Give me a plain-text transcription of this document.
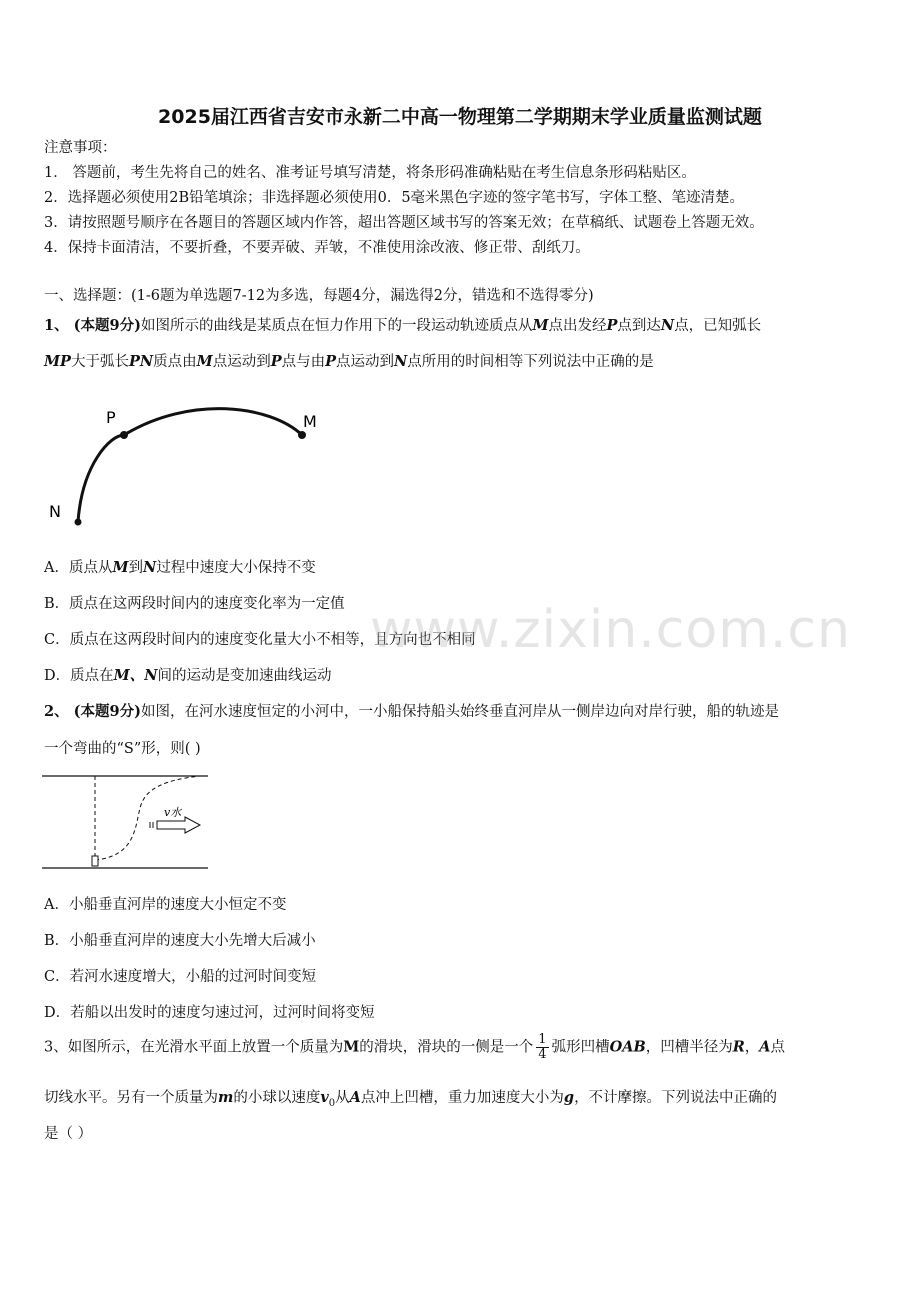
2025届江西省吉安市永新二中高一物理第二学期期末学业质量监测试题
注意事项：
1． 答题前，考生先将自己的姓名、准考证号填写清楚，将条形码准确粘贴在考生信息条形码粘贴区。
2．选择题必须使用2B铅笔填涂；非选择题必须使用0．5毫米黑色字迹的签字笔书写，字体工整、笔迹清楚。
3．请按照题号顺序在各题目的答题区域内作答，超出答题区域书写的答案无效；在草稿纸、试题卷上答题无效。
4．保持卡面清洁，不要折叠，不要弄破、弄皱，不准使用涂改液、修正带、刮纸刀。
一、选择题：(1-6题为单选题7-12为多选，每题4分，漏选得2分，错选和不选得零分)
1、 (本题9分)如图所示的曲线是某质点在恒力作用下的一段运动轨迹质点从M点出发经P点到达N点，已知弧长
MP大于弧长PN质点由M点运动到P点与由P点运动到N点所用的时间相等下列说法中正确的是
P	M
N
A．质点从M到N过程中速度大小保持不变
B．质点在这两段时间内的速度变化率为一定值
C．质点在这两段时间内的速度变化量大小不相等，且方向也不相同
D．质点在M、N间的运动是变加速曲线运动
2、 (本题9分)如图，在河水速度恒定的小河中，一小船保持船头始终垂直河岸从一侧岸边向对岸行驶，船的轨迹是
一个弯曲的“S”形，则( )
v水
A．小船垂直河岸的速度大小恒定不变
B．小船垂直河岸的速度大小先增大后减小
C．若河水速度增大，小船的过河时间变短
D．若船以出发时的速度匀速过河，过河时间将变短
3、如图所示，在光滑水平面上放置一个质量为M的滑块，滑块的一侧是一个 $\frac{1}{4}$ 弧形凹槽OAB，凹槽半径为R，A点
切线水平。另有一个质量为m的小球以速度$v_0$从A点冲上凹槽，重力加速度大小为g，不计摩擦。下列说法中正确的
是（ ）
www.zixin.com.cn
